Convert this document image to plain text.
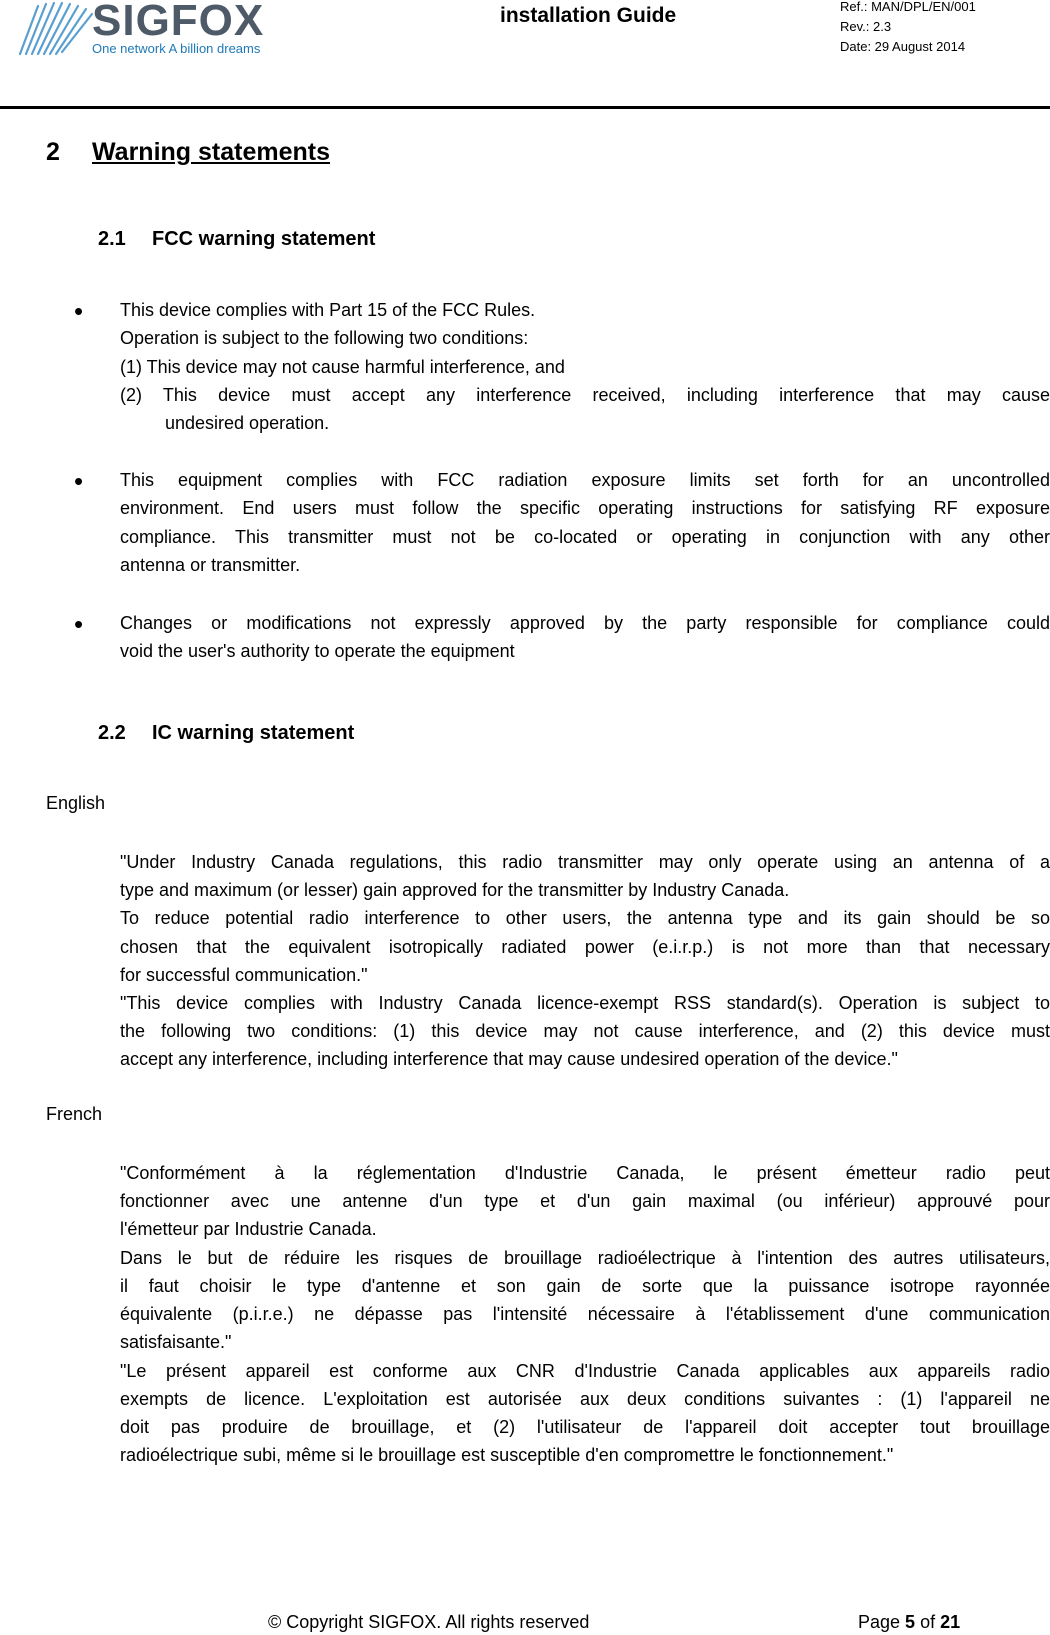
SIGFOX
One network A billion dreams
installation Guide	Ref.: MAN/DPL/EN/001
Rev.: 2.3
Date: 29 August 2014
2 Warning statements
2.1 FCC warning statement
• This device complies with Part 15 of the FCC Rules.
Operation is subject to the following two conditions:
(1) This device may not cause harmful interference, and
(2) This device must accept any interference received, including interference that may cause
undesired operation.
• This equipment complies with FCC radiation exposure limits set forth for an uncontrolled
environment. End users must follow the specific operating instructions for satisfying RF exposure
compliance. This transmitter must not be co-located or operating in conjunction with any other
antenna or transmitter.
• Changes or modifications not expressly approved by the party responsible for compliance could
void the user's authority to operate the equipment
2.2 IC warning statement
English
"Under Industry Canada regulations, this radio transmitter may only operate using an antenna of a
type and maximum (or lesser) gain approved for the transmitter by Industry Canada.
To reduce potential radio interference to other users, the antenna type and its gain should be so
chosen that the equivalent isotropically radiated power (e.i.r.p.) is not more than that necessary
for successful communication."
"This device complies with Industry Canada licence-exempt RSS standard(s). Operation is subject to
the following two conditions: (1) this device may not cause interference, and (2) this device must
accept any interference, including interference that may cause undesired operation of the device."
French
"Conformément à la réglementation d'Industrie Canada, le présent émetteur radio peut
fonctionner avec une antenne d'un type et d'un gain maximal (ou inférieur) approuvé pour
l'émetteur par Industrie Canada.
Dans le but de réduire les risques de brouillage radioélectrique à l'intention des autres utilisateurs,
il faut choisir le type d'antenne et son gain de sorte que la puissance isotrope rayonnée
équivalente (p.i.r.e.) ne dépasse pas l'intensité nécessaire à l'établissement d'une communication
satisfaisante."
"Le présent appareil est conforme aux CNR d'Industrie Canada applicables aux appareils radio
exempts de licence. L'exploitation est autorisée aux deux conditions suivantes : (1) l'appareil ne
doit pas produire de brouillage, et (2) l'utilisateur de l'appareil doit accepter tout brouillage
radioélectrique subi, même si le brouillage est susceptible d'en compromettre le fonctionnement."
© Copyright SIGFOX. All rights reserved	Page 5 of 21
